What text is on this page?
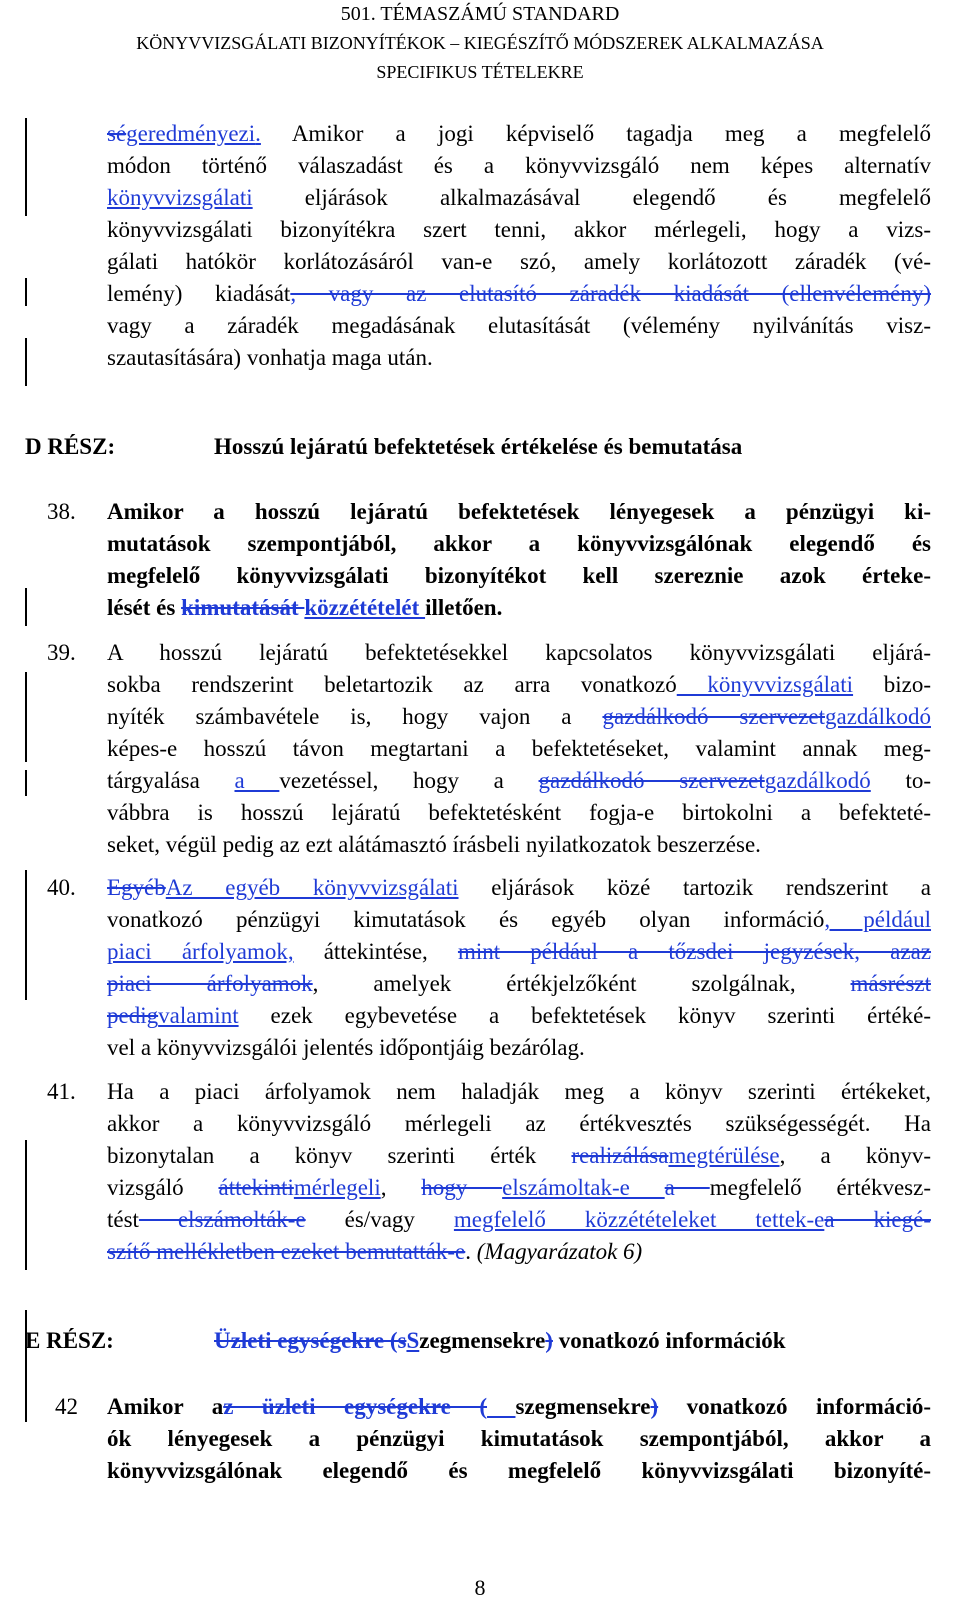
501. TÉMASZÁMÚ STANDARD
KÖNYVVIZSGÁLATI BIZONYÍTÉKOK – KIEGÉSZÍTŐ MÓDSZEREK ALKALMAZÁSA
SPECIFIKUS TÉTELEKRE
ségeredményezi. Amikor a jogi képviselő tagadja meg a megfelelő
módon történő válaszadást és a könyvvizsgáló nem képes alternatív
könyvvizsgálati eljárások alkalmazásával elegendő és megfelelő
könyvvizsgálati bizonyítékra szert tenni, akkor mérlegeli, hogy a vizs-
gálati hatókör korlátozásáról van-e szó, amely korlátozott záradék (vé-
lemény) kiadását, vagy az elutasító záradék kiadását (ellenvélemény)
vagy a záradék megadásának elutasítását (vélemény nyilvánítás visz-
szautasítására) vonhatja maga után.
D RÉSZ:	Hosszú lejáratú befektetések értékelése és bemutatása
38. Amikor a hosszú lejáratú befektetések lényegesek a pénzügyi ki-
mutatások szempontjából, akkor a könyvvizsgálónak elegendő és
megfelelő könyvvizsgálati bizonyítékot kell szereznie azok érteke-
lését és kimutatását közzétételét illetően.
39. A hosszú lejáratú befektetésekkel kapcsolatos könyvvizsgálati eljárá-
sokba rendszerint beletartozik az arra vonatkozó könyvvizsgálati bizo-
nyíték számbavétele is, hogy vajon a gazdálkodó szervezetgazdálkodó
képes-e hosszú távon megtartani a befektetéseket, valamint annak meg-
tárgyalása a vezetéssel, hogy a gazdálkodó szervezetgazdálkodó to-
vábbra is hosszú lejáratú befektetésként fogja-e birtokolni a befekteté-
seket, végül pedig az ezt alátámasztó írásbeli nyilatkozatok beszerzése.
40. EgyébAz egyéb könyvvizsgálati eljárások közé tartozik rendszerint a
vonatkozó pénzügyi kimutatások és egyéb olyan információ, például
piaci árfolyamok, áttekintése, mint például a tőzsdei jegyzések, azaz
piaci árfolyamok, amelyek értékjelzőként szolgálnak, másrészt
pedigvalamint ezek egybevetése a befektetések könyv szerinti értéké-
vel a könyvvizsgálói jelentés időpontjáig bezárólag.
41. Ha a piaci árfolyamok nem haladják meg a könyv szerinti értékeket,
akkor a könyvvizsgáló mérlegeli az értékvesztés szükségességét. Ha
bizonytalan a könyv szerinti érték realizálásamegtérülése, a könyv-
vizsgáló áttekintimérlegeli, hogy elszámoltak-e a megfelelő értékvesz-
tést elszámolták-e és/vagy megfelelő közzétételeket tettek-ea kiegé-
szítő mellékletben ezeket bemutatták-e. (Magyarázatok 6)
E RÉSZ:	Üzleti egységekre (sSzegmensekre) vonatkozó információk
42 Amikor az üzleti egységekre ( szegmensekre) vonatkozó információ-
ók lényegesek a pénzügyi kimutatások szempontjából, akkor a
könyvvizsgálónak elegendő és megfelelő könyvvizsgálati bizonyíté-
8
